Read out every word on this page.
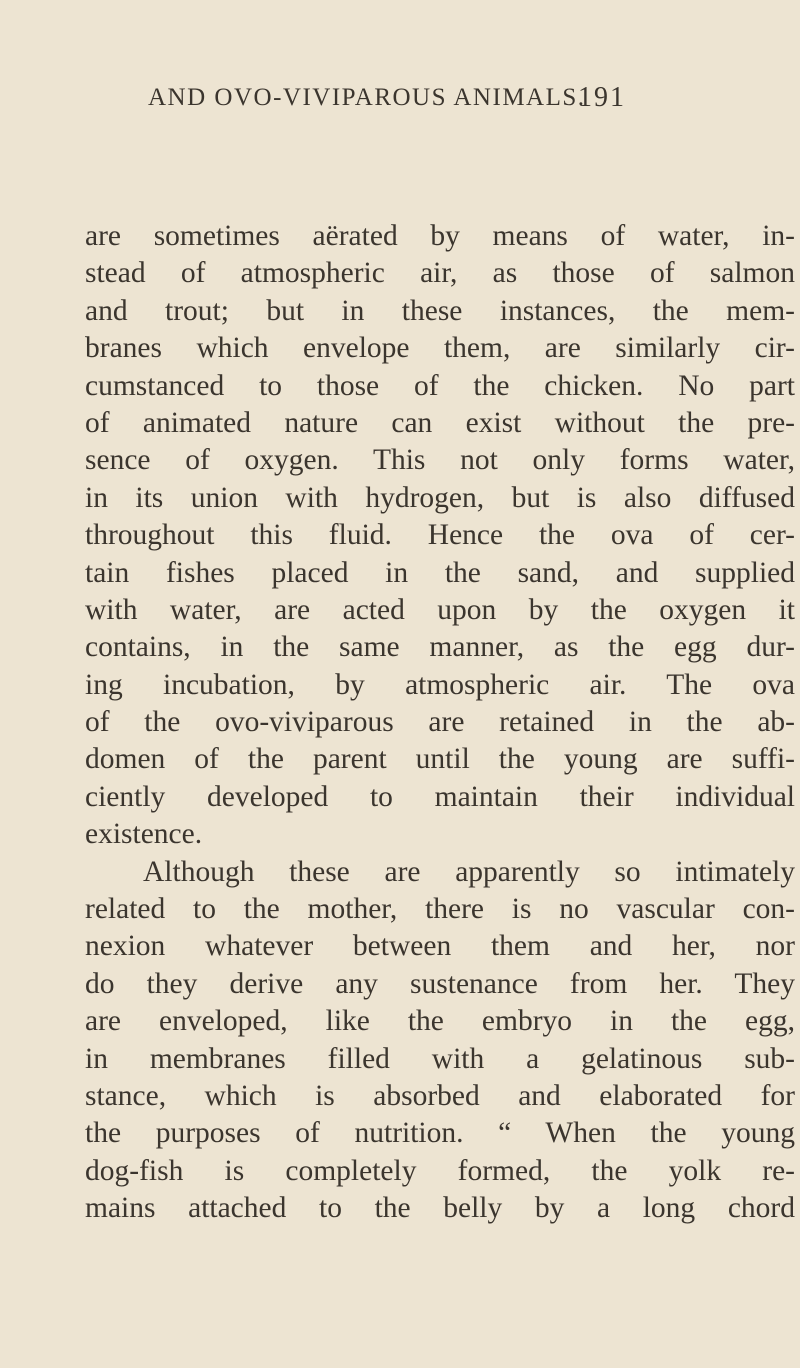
AND OVO-VIVIPAROUS ANIMALS.
191
are sometimes aërated by means of water, in-
stead of atmospheric air, as those of salmon
and trout; but in these instances, the mem-
branes which envelope them, are similarly cir-
cumstanced to those of the chicken. No part
of animated nature can exist without the pre-
sence of oxygen. This not only forms water,
in its union with hydrogen, but is also diffused
throughout this fluid. Hence the ova of cer-
tain fishes placed in the sand, and supplied
with water, are acted upon by the oxygen it
contains, in the same manner, as the egg dur-
ing incubation, by atmospheric air. The ova
of the ovo-viviparous are retained in the ab-
domen of the parent until the young are suffi-
ciently developed to maintain their individual
existence.
Although these are apparently so intimately
related to the mother, there is no vascular con-
nexion whatever between them and her, nor
do they derive any sustenance from her. They
are enveloped, like the embryo in the egg,
in membranes filled with a gelatinous sub-
stance, which is absorbed and elaborated for
the purposes of nutrition. “ When the young
dog-fish is completely formed, the yolk re-
mains attached to the belly by a long chord
